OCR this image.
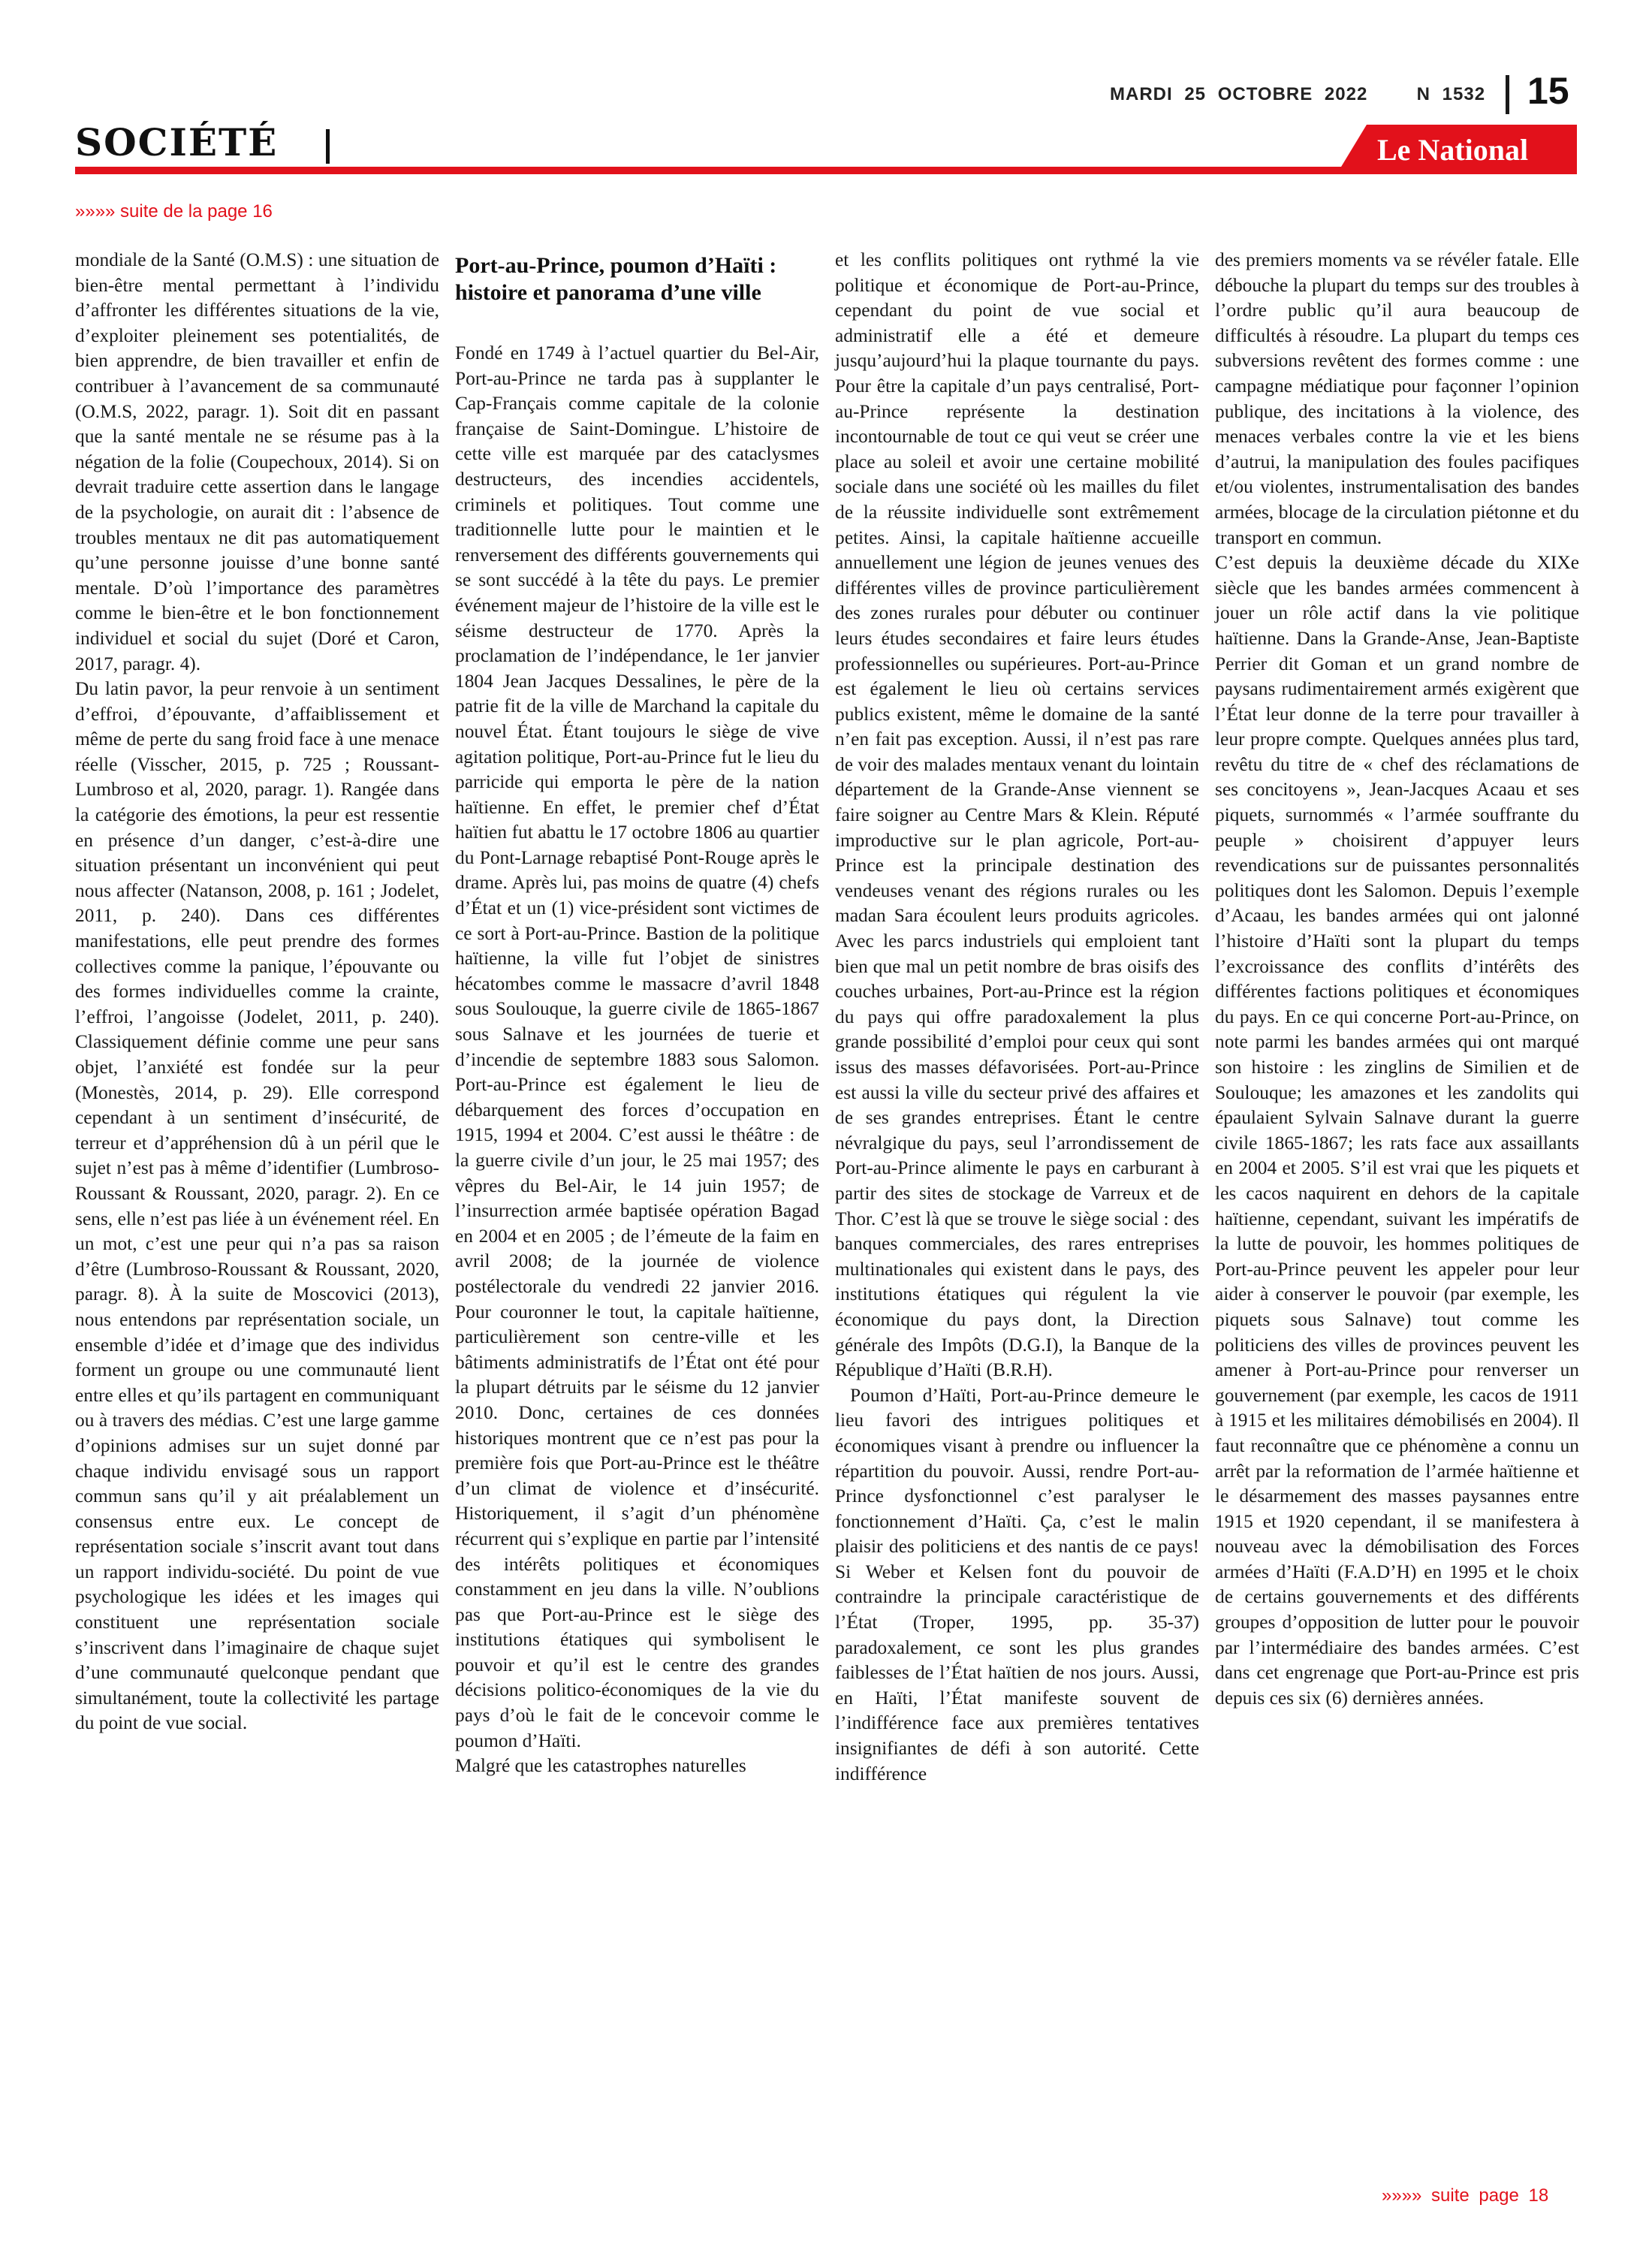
MARDI 25 OCTOBRE 2022	N 1532 15
SOCIÉTÉ	Le National
»»»» suite de la page 16

mondiale de la Santé (O.M.S) : une situation de bien-être mental permettant à l’individu d’affronter les différentes situations de la vie, d’exploiter pleinement ses potentialités, de bien apprendre, de bien travailler et enfin de contribuer à l’avancement de sa communauté (O.M.S, 2022, paragr. 1). Soit dit en passant que la santé mentale ne se résume pas à la négation de la folie (Coupechoux, 2014). Si on devrait traduire cette assertion dans le langage de la psychologie, on aurait dit : l’absence de troubles mentaux ne dit pas automatiquement qu’une personne jouisse d’une bonne santé mentale. D’où l’importance des paramètres comme le bien-être et le bon fonctionnement individuel et social du sujet (Doré et Caron, 2017, paragr. 4).

Du latin pavor, la peur renvoie à un sentiment d’effroi, d’épouvante, d’affaiblissement et même de perte du sang froid face à une menace réelle (Visscher, 2015, p. 725 ; Roussant-Lumbroso et al, 2020, paragr. 1). Rangée dans la catégorie des émotions, la peur est ressentie en présence d’un danger, c’est-à-dire une situation présentant un inconvénient qui peut nous affecter (Natanson, 2008, p. 161 ; Jodelet, 2011, p. 240). Dans ces différentes manifestations, elle peut prendre des formes collectives comme la panique, l’épouvante ou des formes individuelles comme la crainte, l’effroi, l’angoisse (Jodelet, 2011, p. 240). Classiquement définie comme une peur sans objet, l’anxiété est fondée sur la peur (Monestès, 2014, p. 29). Elle correspond cependant à un sentiment d’insécurité, de terreur et d’appréhension dû à un péril que le sujet n’est pas à même d’identifier (Lumbroso-Roussant & Roussant, 2020, paragr. 2). En ce sens, elle n’est pas liée à un événement réel. En un mot, c’est une peur qui n’a pas sa raison d’être (Lumbroso-Roussant & Roussant, 2020, paragr. 8). À la suite de Moscovici (2013), nous entendons par représentation sociale, un ensemble d’idée et d’image que des individus forment un groupe ou une communauté lient entre elles et qu’ils partagent en communiquant ou à travers des médias. C’est une large gamme d’opinions admises sur un sujet donné par chaque individu envisagé sous un rapport commun sans qu’il y ait préalablement un consensus entre eux. Le concept de représentation sociale s’inscrit avant tout dans un rapport individu-société. Du point de vue psychologique les idées et les images qui constituent une représentation sociale s’inscrivent dans l’imaginaire de chaque sujet d’une communauté quelconque pendant que simultanément, toute la collectivité les partage du point de vue social.

Port-au-Prince, poumon d’Haïti : histoire et panorama d’une ville

Fondé en 1749 à l’actuel quartier du Bel-Air, Port-au-Prince ne tarda pas à supplanter le Cap-Français comme capitale de la colonie française de Saint-Domingue. L’histoire de cette ville est marquée par des cataclysmes destructeurs, des incendies accidentels, criminels et politiques. Tout comme une traditionnelle lutte pour le maintien et le renversement des différents gouvernements qui se sont succédé à la tête du pays. Le premier événement majeur de l’histoire de la ville est le séisme destructeur de 1770. Après la proclamation de l’indépendance, le 1er janvier 1804 Jean Jacques Dessalines, le père de la patrie fit de la ville de Marchand la capitale du nouvel État. Étant toujours le siège de vive agitation politique, Port-au-Prince fut le lieu du parricide qui emporta le père de la nation haïtienne. En effet, le premier chef d’État haïtien fut abattu le 17 octobre 1806 au quartier du Pont-Larnage rebaptisé Pont-Rouge après le drame. Après lui, pas moins de quatre (4) chefs d’État et un (1) vice-président sont victimes de ce sort à Port-au-Prince. Bastion de la politique haïtienne, la ville fut l’objet de sinistres hécatombes comme le massacre d’avril 1848 sous Soulouque, la guerre civile de 1865-1867 sous Salnave et les journées de tuerie et d’incendie de septembre 1883 sous Salomon. Port-au-Prince est également le lieu de débarquement des forces d’occupation en 1915, 1994 et 2004. C’est aussi le théâtre : de la guerre civile d’un jour, le 25 mai 1957; des vêpres du Bel-Air, le 14 juin 1957; de l’insurrection armée baptisée opération Bagad en 2004 et en 2005 ; de l’émeute de la faim en avril 2008; de la journée de violence postélectorale du vendredi 22 janvier 2016. Pour couronner le tout, la capitale haïtienne, particulièrement son centre-ville et les bâtiments administratifs de l’État ont été pour la plupart détruits par le séisme du 12 janvier 2010. Donc, certaines de ces données historiques montrent que ce n’est pas pour la première fois que Port-au-Prince est le théâtre d’un climat de violence et d’insécurité. Historiquement, il s’agit d’un phénomène récurrent qui s’explique en partie par l’intensité des intérêts politiques et économiques constamment en jeu dans la ville. N’oublions pas que Port-au-Prince est le siège des institutions étatiques qui symbolisent le pouvoir et qu’il est le centre des grandes décisions politico-économiques de la vie du pays d’où le fait de le concevoir comme le poumon d’Haïti.

Malgré que les catastrophes naturelles

et les conflits politiques ont rythmé la vie politique et économique de Port-au-Prince, cependant du point de vue social et administratif elle a été et demeure jusqu’aujourd’hui la plaque tournante du pays. Pour être la capitale d’un pays centralisé, Port-au-Prince représente la destination incontournable de tout ce qui veut se créer une place au soleil et avoir une certaine mobilité sociale dans une société où les mailles du filet de la réussite individuelle sont extrêmement petites. Ainsi, la capitale haïtienne accueille annuellement une légion de jeunes venues des différentes villes de province particulièrement des zones rurales pour débuter ou continuer leurs études secondaires et faire leurs études professionnelles ou supérieures. Port-au-Prince est également le lieu où certains services publics existent, même le domaine de la santé n’en fait pas exception. Aussi, il n’est pas rare de voir des malades mentaux venant du lointain département de la Grande-Anse viennent se faire soigner au Centre Mars & Klein. Réputé improductive sur le plan agricole, Port-au-Prince est la principale destination des vendeuses venant des régions rurales ou les madan Sara écoulent leurs produits agricoles. Avec les parcs industriels qui emploient tant bien que mal un petit nombre de bras oisifs des couches urbaines, Port-au-Prince est la région du pays qui offre paradoxalement la plus grande possibilité d’emploi pour ceux qui sont issus des masses défavorisées. Port-au-Prince est aussi la ville du secteur privé des affaires et de ses grandes entreprises. Étant le centre névralgique du pays, seul l’arrondissement de Port-au-Prince alimente le pays en carburant à partir des sites de stockage de Varreux et de Thor. C’est là que se trouve le siège social : des banques commerciales, des rares entreprises multinationales qui existent dans le pays, des institutions étatiques qui régulent la vie économique du pays dont, la Direction générale des Impôts (D.G.I), la Banque de la République d’Haïti (B.R.H).

Poumon d’Haïti, Port-au-Prince demeure le lieu favori des intrigues politiques et économiques visant à prendre ou influencer la répartition du pouvoir. Aussi, rendre Port-au-Prince dysfonctionnel c’est paralyser le fonctionnement d’Haïti. Ça, c’est le malin plaisir des politiciens et des nantis de ce pays! Si Weber et Kelsen font du pouvoir de contraindre la principale caractéristique de l’État (Troper, 1995, pp. 35-37) paradoxalement, ce sont les plus grandes faiblesses de l’État haïtien de nos jours. Aussi, en Haïti, l’État manifeste souvent de l’indifférence face aux premières tentatives insignifiantes de défi à son autorité. Cette indifférence

des premiers moments va se révéler fatale. Elle débouche la plupart du temps sur des troubles à l’ordre public qu’il aura beaucoup de difficultés à résoudre. La plupart du temps ces subversions revêtent des formes comme : une campagne médiatique pour façonner l’opinion publique, des incitations à la violence, des menaces verbales contre la vie et les biens d’autrui, la manipulation des foules pacifiques et/ou violentes, instrumentalisation des bandes armées, blocage de la circulation piétonne et du transport en commun.

C’est depuis la deuxième décade du XIXe siècle que les bandes armées commencent à jouer un rôle actif dans la vie politique haïtienne. Dans la Grande-Anse, Jean-Baptiste Perrier dit Goman et un grand nombre de paysans rudimentairement armés exigèrent que l’État leur donne de la terre pour travailler à leur propre compte. Quelques années plus tard, revêtu du titre de « chef des réclamations de ses concitoyens », Jean-Jacques Acaau et ses piquets, surnommés « l’armée souffrante du peuple » choisirent d’appuyer leurs revendications sur de puissantes personnalités politiques dont les Salomon. Depuis l’exemple d’Acaau, les bandes armées qui ont jalonné l’histoire d’Haïti sont la plupart du temps l’excroissance des conflits d’intérêts des différentes factions politiques et économiques du pays. En ce qui concerne Port-au-Prince, on note parmi les bandes armées qui ont marqué son histoire : les zinglins de Similien et de Soulouque; les amazones et les zandolits qui épaulaient Sylvain Salnave durant la guerre civile 1865-1867; les rats face aux assaillants en 2004 et 2005. S’il est vrai que les piquets et les cacos naquirent en dehors de la capitale haïtienne, cependant, suivant les impératifs de la lutte de pouvoir, les hommes politiques de Port-au-Prince peuvent les appeler pour leur aider à conserver le pouvoir (par exemple, les piquets sous Salnave) tout comme les politiciens des villes de provinces peuvent les amener à Port-au-Prince pour renverser un gouvernement (par exemple, les cacos de 1911 à 1915 et les militaires démobilisés en 2004). Il faut reconnaître que ce phénomène a connu un arrêt par la reformation de l’armée haïtienne et le désarmement des masses paysannes entre 1915 et 1920 cependant, il se manifestera à nouveau avec la démobilisation des Forces armées d’Haïti (F.A.D’H) en 1995 et le choix de certains gouvernements et des différents groupes d’opposition de lutter pour le pouvoir par l’intermédiaire des bandes armées. C’est dans cet engrenage que Port-au-Prince est pris depuis ces six (6) dernières années.

»»»» suite page 18
